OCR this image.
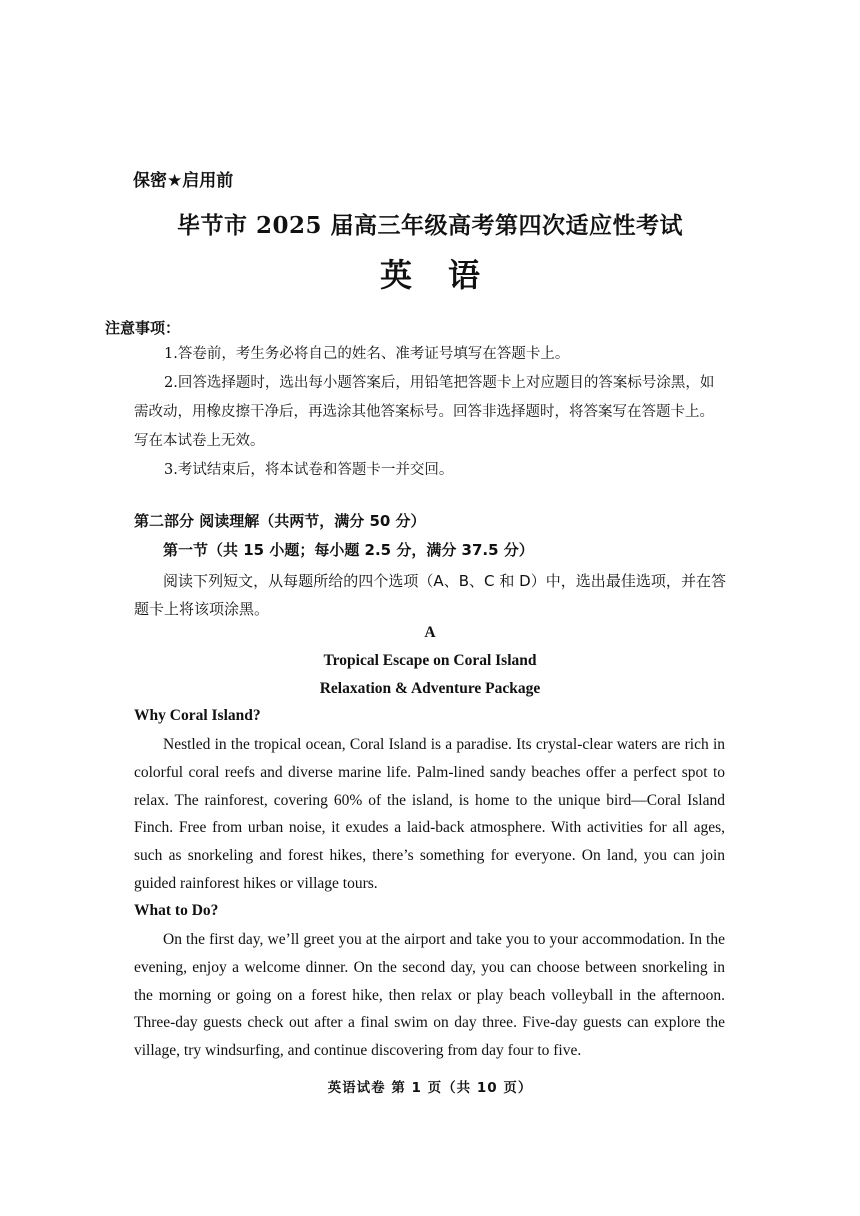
保密★启用前
毕节市 2025 届高三年级高考第四次适应性考试
英语
注意事项：
1.答卷前，考生务必将自己的姓名、准考证号填写在答题卡上。
2.回答选择题时，选出每小题答案后，用铅笔把答题卡上对应题目的答案标号涂黑，如需改动，用橡皮擦干净后，再选涂其他答案标号。回答非选择题时，将答案写在答题卡上。写在本试卷上无效。
3.考试结束后，将本试卷和答题卡一并交回。
第二部分 阅读理解（共两节，满分 50 分）
第一节（共 15 小题；每小题 2.5 分，满分 37.5 分）
阅读下列短文，从每题所给的四个选项（A、B、C 和 D）中，选出最佳选项，并在答题卡上将该项涂黑。
A
Tropical Escape on Coral Island
Relaxation & Adventure Package
Why Coral Island?
Nestled in the tropical ocean, Coral Island is a paradise. Its crystal-clear waters are rich in colorful coral reefs and diverse marine life. Palm-lined sandy beaches offer a perfect spot to relax. The rainforest, covering 60% of the island, is home to the unique bird—Coral Island Finch. Free from urban noise, it exudes a laid-back atmosphere. With activities for all ages, such as snorkeling and forest hikes, there’s something for everyone. On land, you can join guided rainforest hikes or village tours.
What to Do?
On the first day, we’ll greet you at the airport and take you to your accommodation. In the evening, enjoy a welcome dinner. On the second day, you can choose between snorkeling in the morning or going on a forest hike, then relax or play beach volleyball in the afternoon. Three-day guests check out after a final swim on day three. Five-day guests can explore the village, try windsurfing, and continue discovering from day four to five.
英语试卷 第 1 页（共 10 页）
